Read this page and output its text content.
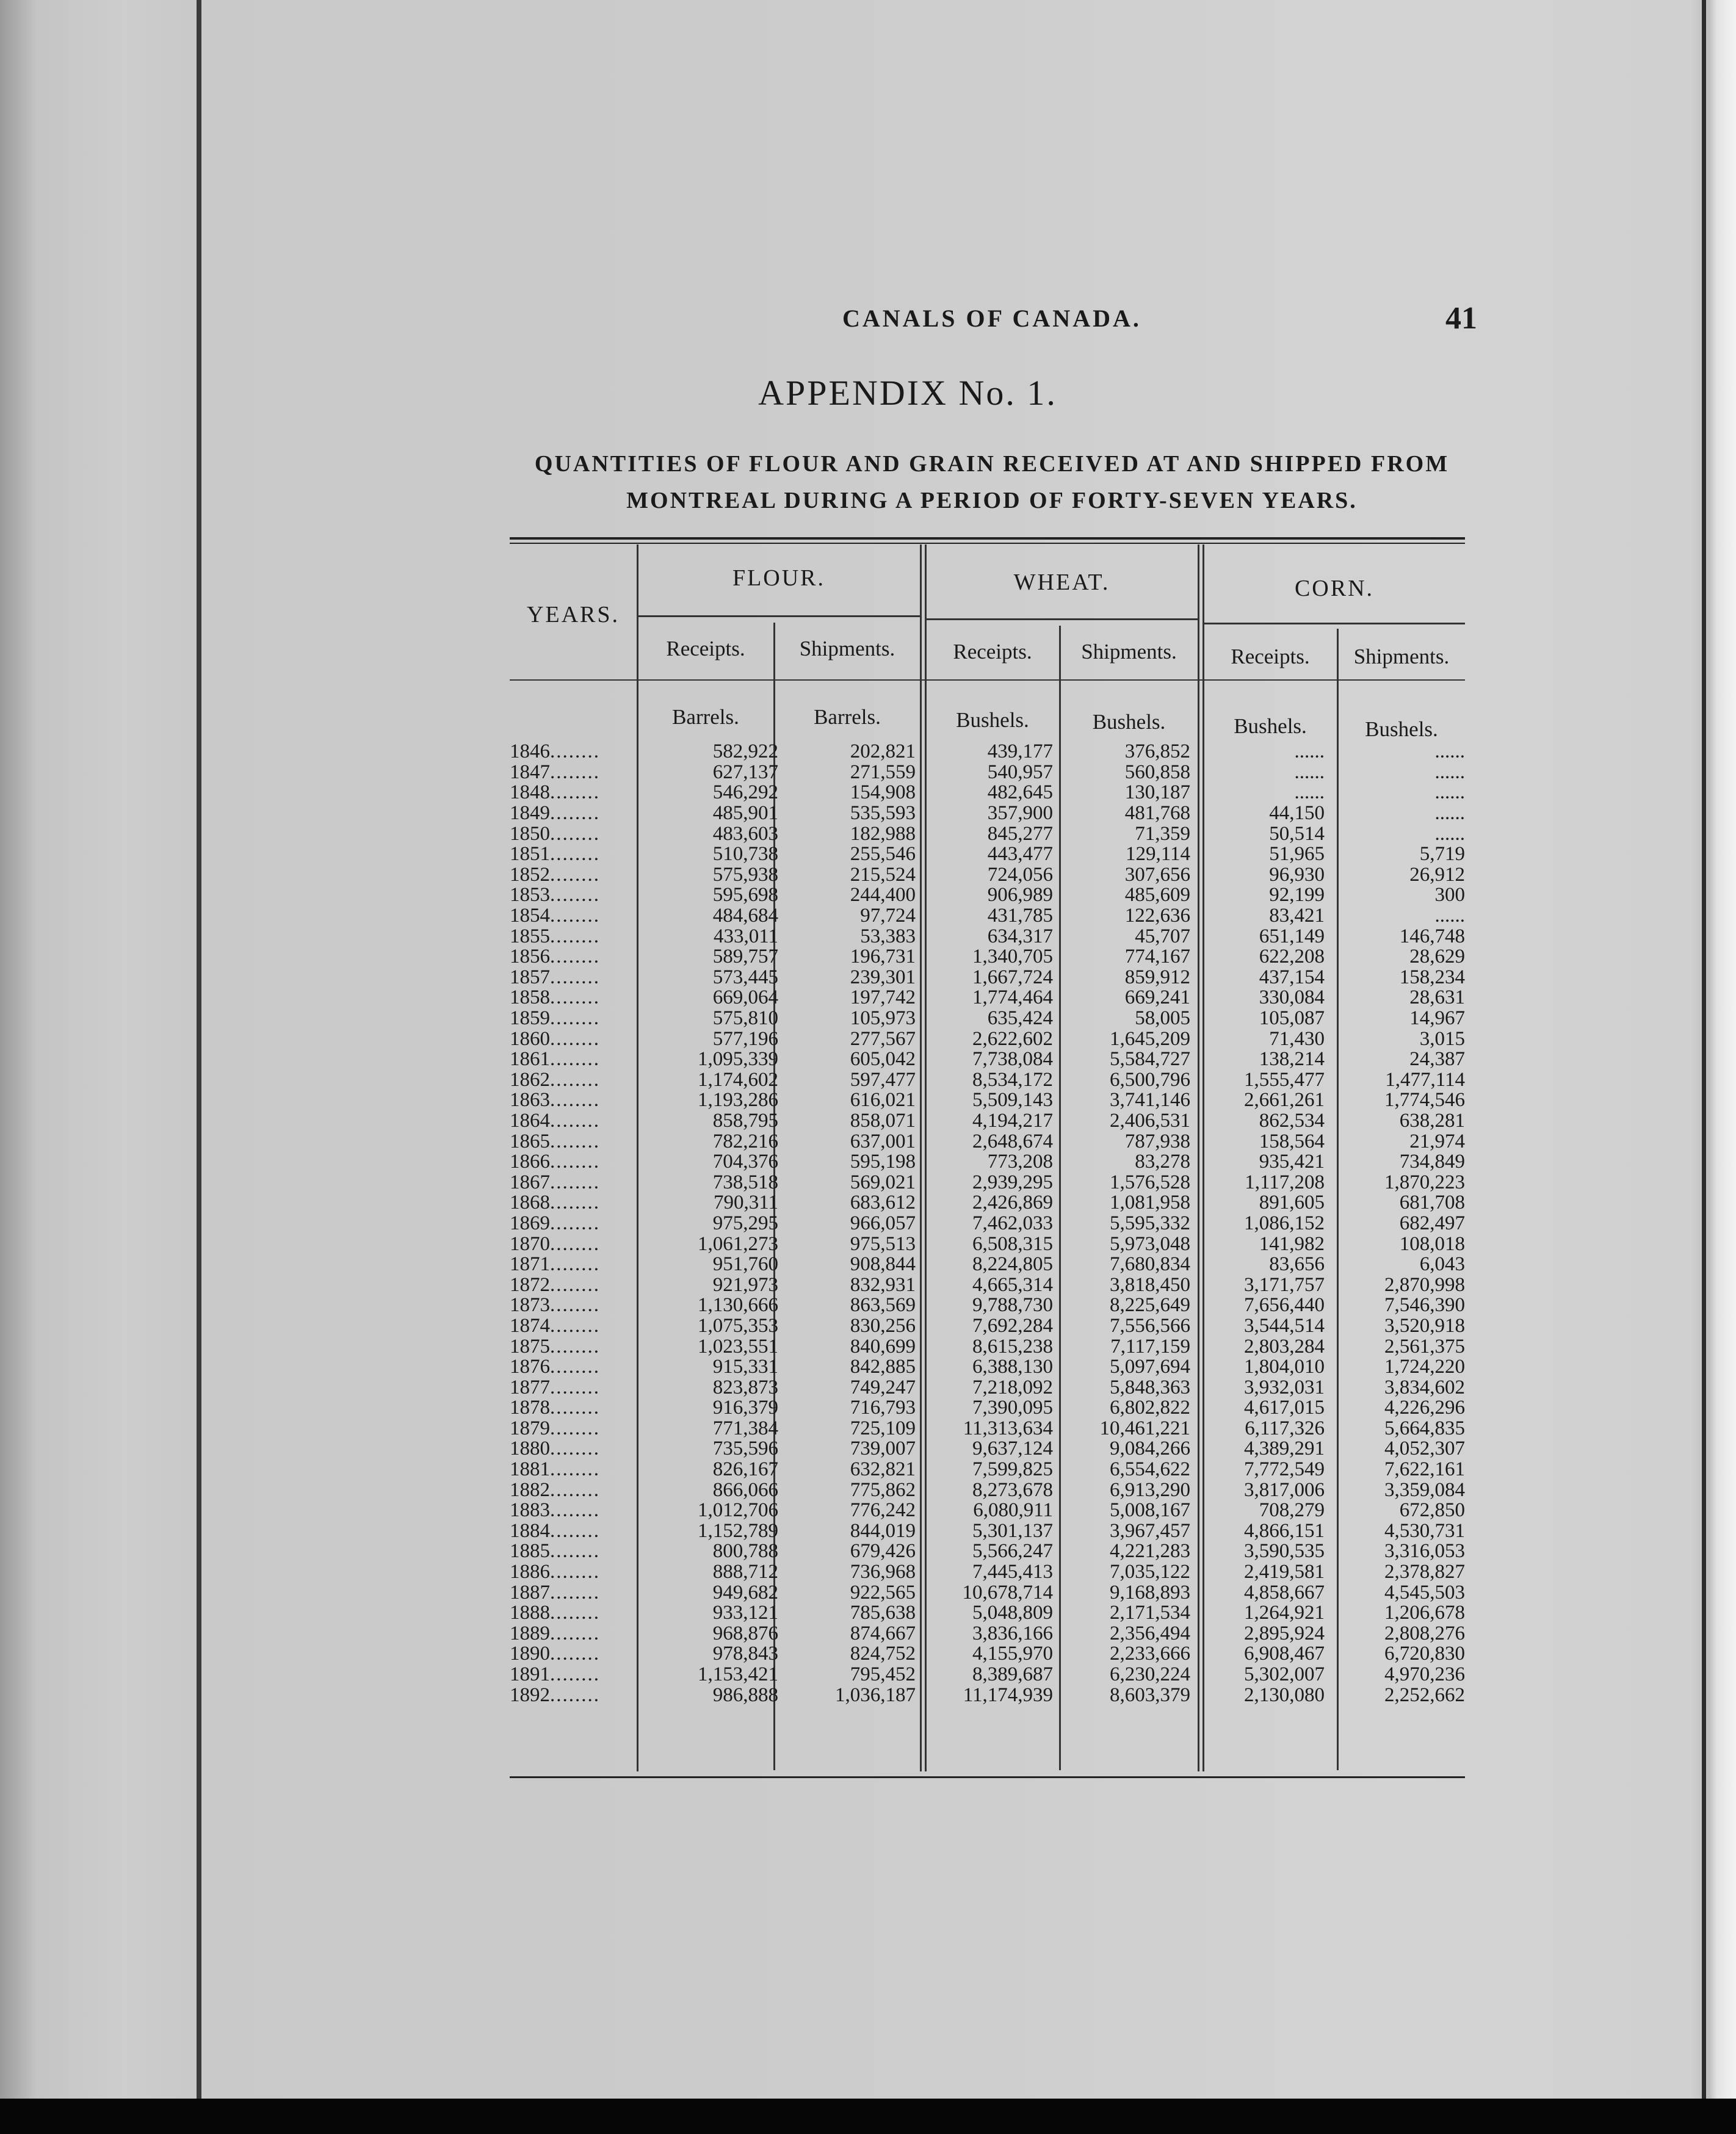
CANALS OF CANADA.	41
APPENDIX No. 1.
QUANTITIES OF FLOUR AND GRAIN RECEIVED AT AND SHIPPED FROM
MONTREAL DURING A PERIOD OF FORTY-SEVEN YEARS.
YEARS.
FLOUR.	WHEAT.	CORN.
Receipts.	Shipments.	Receipts.	Shipments.	Receipts.	Shipments.
Barrels.	Barrels.	Bushels.	Bushels.	Bushels.	Bushels.
1846........	582,922	202,821	439,177	376,852	......	......
1847........	627,137	271,559	540,957	560,858	......	......
1848........	546,292	154,908	482,645	130,187	......	......
1849........	485,901	535,593	357,900	481,768	44,150	......
1850........	483,603	182,988	845,277	71,359	50,514	......
1851........	510,738	255,546	443,477	129,114	51,965	5,719
1852........	575,938	215,524	724,056	307,656	96,930	26,912
1853........	595,698	244,400	906,989	485,609	92,199	300
1854........	484,684	97,724	431,785	122,636	83,421	......
1855........	433,011	53,383	634,317	45,707	651,149	146,748
1856........	589,757	196,731	1,340,705	774,167	622,208	28,629
1857........	573,445	239,301	1,667,724	859,912	437,154	158,234
1858........	669,064	197,742	1,774,464	669,241	330,084	28,631
1859........	575,810	105,973	635,424	58,005	105,087	14,967
1860........	577,196	277,567	2,622,602	1,645,209	71,430	3,015
1861........	1,095,339	605,042	7,738,084	5,584,727	138,214	24,387
1862........	1,174,602	597,477	8,534,172	6,500,796	1,555,477	1,477,114
1863........	1,193,286	616,021	5,509,143	3,741,146	2,661,261	1,774,546
1864........	858,795	858,071	4,194,217	2,406,531	862,534	638,281
1865........	782,216	637,001	2,648,674	787,938	158,564	21,974
1866........	704,376	595,198	773,208	83,278	935,421	734,849
1867........	738,518	569,021	2,939,295	1,576,528	1,117,208	1,870,223
1868........	790,311	683,612	2,426,869	1,081,958	891,605	681,708
1869........	975,295	966,057	7,462,033	5,595,332	1,086,152	682,497
1870........	1,061,273	975,513	6,508,315	5,973,048	141,982	108,018
1871........	951,760	908,844	8,224,805	7,680,834	83,656	6,043
1872........	921,973	832,931	4,665,314	3,818,450	3,171,757	2,870,998
1873........	1,130,666	863,569	9,788,730	8,225,649	7,656,440	7,546,390
1874........	1,075,353	830,256	7,692,284	7,556,566	3,544,514	3,520,918
1875........	1,023,551	840,699	8,615,238	7,117,159	2,803,284	2,561,375
1876........	915,331	842,885	6,388,130	5,097,694	1,804,010	1,724,220
1877........	823,873	749,247	7,218,092	5,848,363	3,932,031	3,834,602
1878........	916,379	716,793	7,390,095	6,802,822	4,617,015	4,226,296
1879........	771,384	725,109	11,313,634	10,461,221	6,117,326	5,664,835
1880........	735,596	739,007	9,637,124	9,084,266	4,389,291	4,052,307
1881........	826,167	632,821	7,599,825	6,554,622	7,772,549	7,622,161
1882........	866,066	775,862	8,273,678	6,913,290	3,817,006	3,359,084
1883........	1,012,706	776,242	6,080,911	5,008,167	708,279	672,850
1884........	1,152,789	844,019	5,301,137	3,967,457	4,866,151	4,530,731
1885........	800,788	679,426	5,566,247	4,221,283	3,590,535	3,316,053
1886........	888,712	736,968	7,445,413	7,035,122	2,419,581	2,378,827
1887........	949,682	922,565	10,678,714	9,168,893	4,858,667	4,545,503
1888........	933,121	785,638	5,048,809	2,171,534	1,264,921	1,206,678
1889........	968,876	874,667	3,836,166	2,356,494	2,895,924	2,808,276
1890........	978,843	824,752	4,155,970	2,233,666	6,908,467	6,720,830
1891........	1,153,421	795,452	8,389,687	6,230,224	5,302,007	4,970,236
1892........	986,888	1,036,187	11,174,939	8,603,379	2,130,080	2,252,662
